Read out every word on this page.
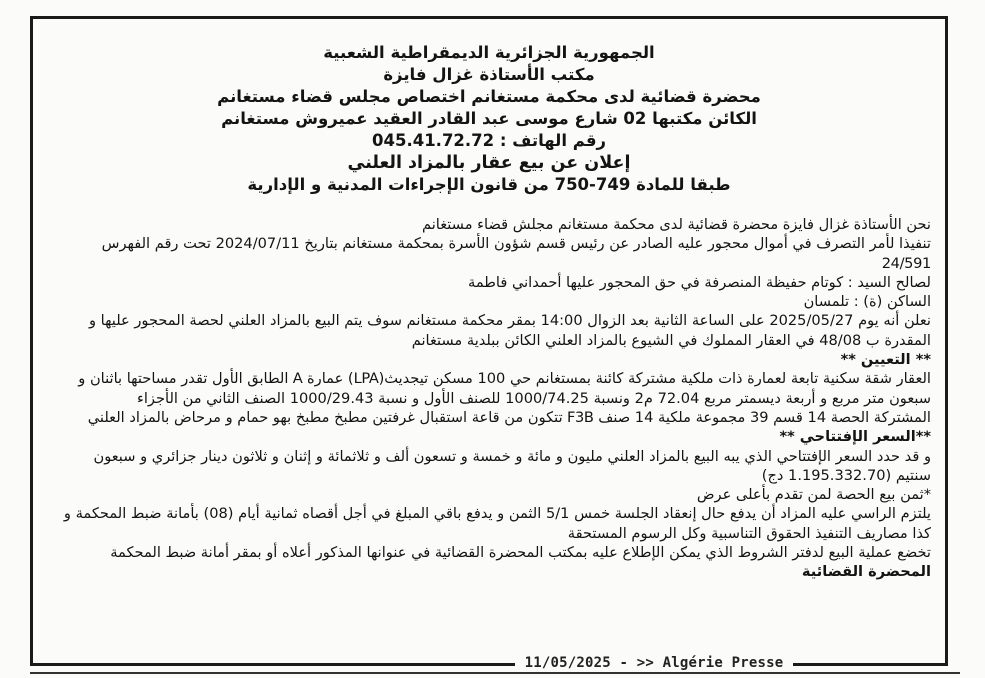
الجمهورية الجزائرية الديمقراطية الشعبية
مكتب الأستاذة غزال فايزة
محضرة قضائية لدى محكمة مستغانم اختصاص مجلس قضاء مستغانم
الكائن مكتبها 02 شارع موسى عبد القادر العقيد عميروش مستغانم
رقم الهاتف : 045.41.72.72
إعلان عن بيع عقار بالمزاد العلني
طبقا للمادة 749-750 من قانون الإجراءات المدنية و الإدارية
نحن الأستاذة غزال فايزة محضرة قضائية لدى محكمة مستغانم مجلش قضاء مستغانم
تنفيذا لأمر التصرف في أموال محجور عليه الصادر عن رئيس قسم شؤون الأسرة بمحكمة مستغانم بتاريخ 2024/07/11 تحت رقم الفهرس
24/591
لصالح السيد : كوتام حفيظة المنصرفة في حق المحجور عليها أحمداني فاطمة
الساكن (ة) : تلمسان
نعلن أنه يوم 2025/05/27 على الساعة الثانية بعد الزوال 14:00 بمقر محكمة مستغانم سوف يتم البيع بالمزاد العلني لحصة المحجور عليها و
المقدرة ب 48/08 في العقار المملوك في الشيوع بالمزاد العلني الكائن ببلدية مستغانم
** التعيين **
العقار شقة سكنية تابعة لعمارة ذات ملكية مشتركة كائنة بمستغانم حي 100 مسكن تيجديث(LPA) عمارة A الطابق الأول تقدر مساحتها باثنان و
سبعون متر مربع و أربعة ديسمتر مربع 72.04 م2 ونسبة 1000/74.25 للصنف الأول و نسبة 1000/29.43 الصنف الثاني من الأجزاء
المشتركة الحصة 14 قسم 39 مجموعة ملكية 14 صنف F3B تتكون من قاعة استقبال غرفتين مطبخ مطبخ بهو حمام و مرحاض بالمزاد العلني
**السعر الإفتتاحي **
و قد حدد السعر الإفتتاحي الذي يبه البيع بالمزاد العلني مليون و مائة و خمسة و تسعون ألف و ثلاثمائة و إثنان و ثلاثون دينار جزائري و سبعون
سنتيم (1.195.332.70 دج)
*ثمن بيع الحصة لمن تقدم بأعلى عرض
يلتزم الراسي عليه المزاد أن يدفع حال إنعقاد الجلسة خمس 5/1 الثمن و يدفع باقي المبلغ في أجل أقصاه ثمانية أيام (08) بأمانة ضبط المحكمة و
كذا مصاريف التنفيذ الحقوق التناسبية وكل الرسوم المستحقة
تخضع عملية البيع لدفتر الشروط الذي يمكن الإطلاع عليه بمكتب المحضرة القضائية في عنوانها المذكور أعلاه أو بمقر أمانة ضبط المحكمة
المحضرة القضائية
11/05/2025 - >> Algérie Presse
